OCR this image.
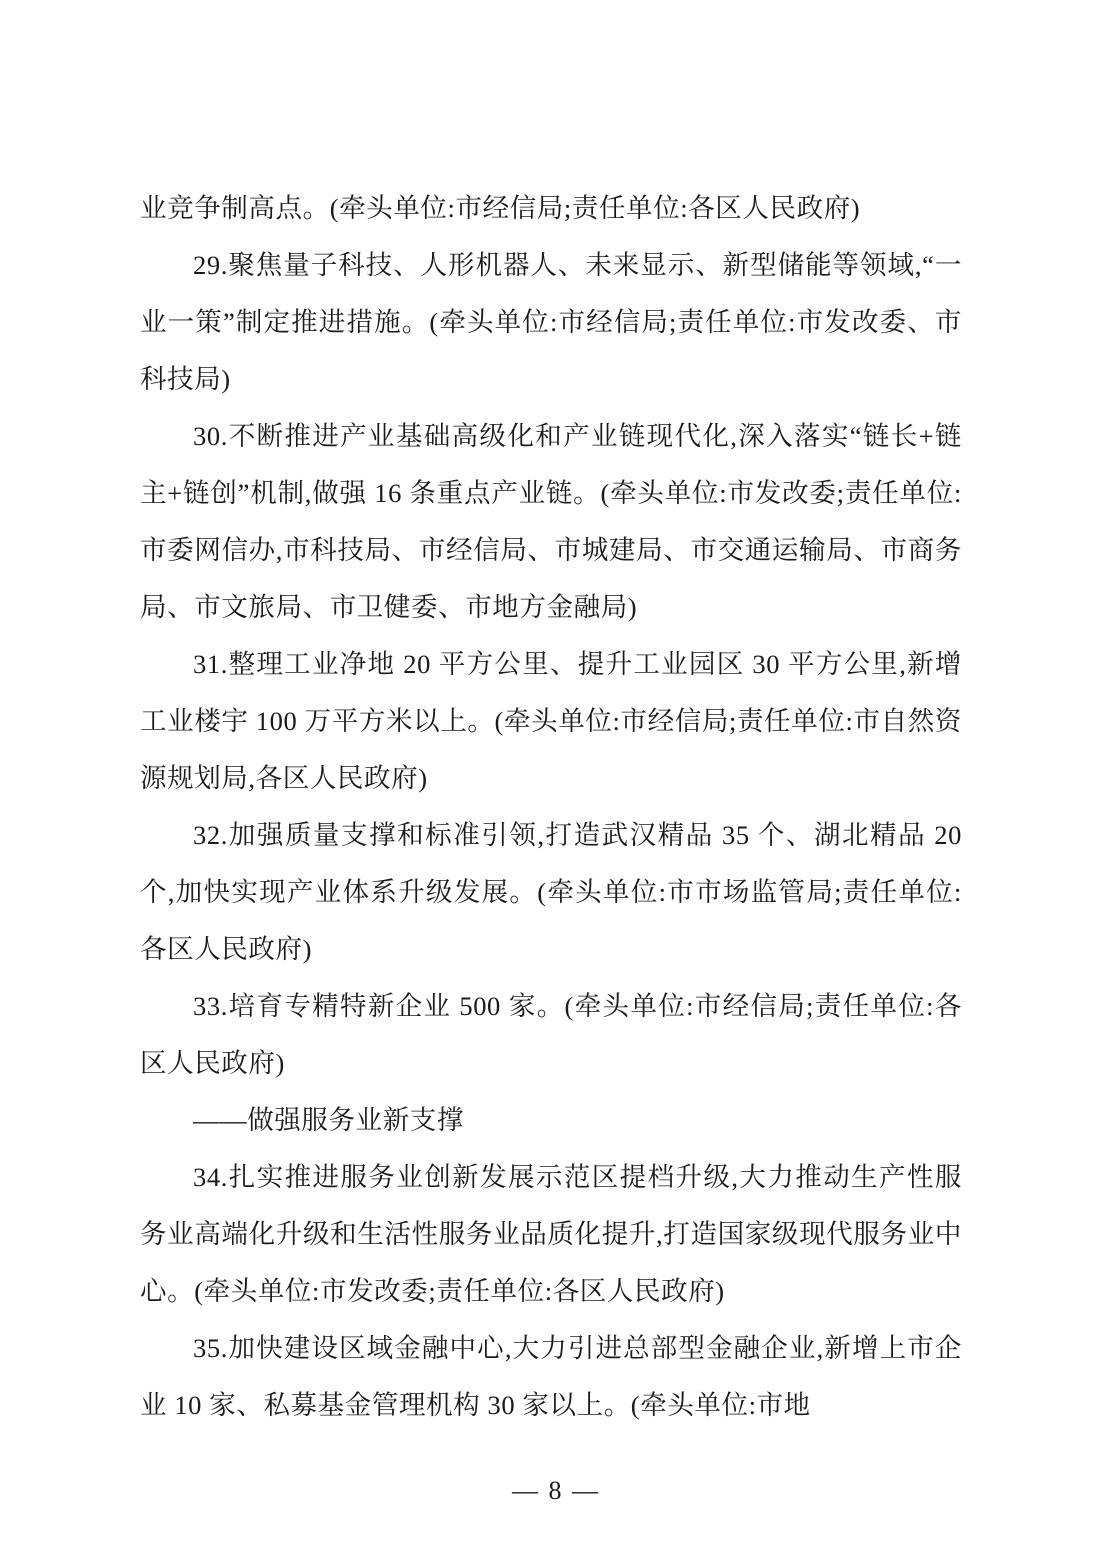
业竞争制高点。(牵头单位:市经信局;责任单位:各区人民政府)

29.聚焦量子科技、人形机器人、未来显示、新型储能等领域,“一业一策”制定推进措施。(牵头单位:市经信局;责任单位:市发改委、市科技局)

30.不断推进产业基础高级化和产业链现代化,深入落实“链长+链主+链创”机制,做强 16 条重点产业链。(牵头单位:市发改委;责任单位:市委网信办,市科技局、市经信局、市城建局、市交通运输局、市商务局、市文旅局、市卫健委、市地方金融局)

31.整理工业净地 20 平方公里、提升工业园区 30 平方公里,新增工业楼宇 100 万平方米以上。(牵头单位:市经信局;责任单位:市自然资源规划局,各区人民政府)

32.加强质量支撑和标准引领,打造武汉精品 35 个、湖北精品 20 个,加快实现产业体系升级发展。(牵头单位:市市场监管局;责任单位:各区人民政府)

33.培育专精特新企业 500 家。(牵头单位:市经信局;责任单位:各区人民政府)

——做强服务业新支撑

34.扎实推进服务业创新发展示范区提档升级,大力推动生产性服务业高端化升级和生活性服务业品质化提升,打造国家级现代服务业中心。(牵头单位:市发改委;责任单位:各区人民政府)

35.加快建设区域金融中心,大力引进总部型金融企业,新增上市企业 10 家、私募基金管理机构 30 家以上。(牵头单位:市地

— 8 —
